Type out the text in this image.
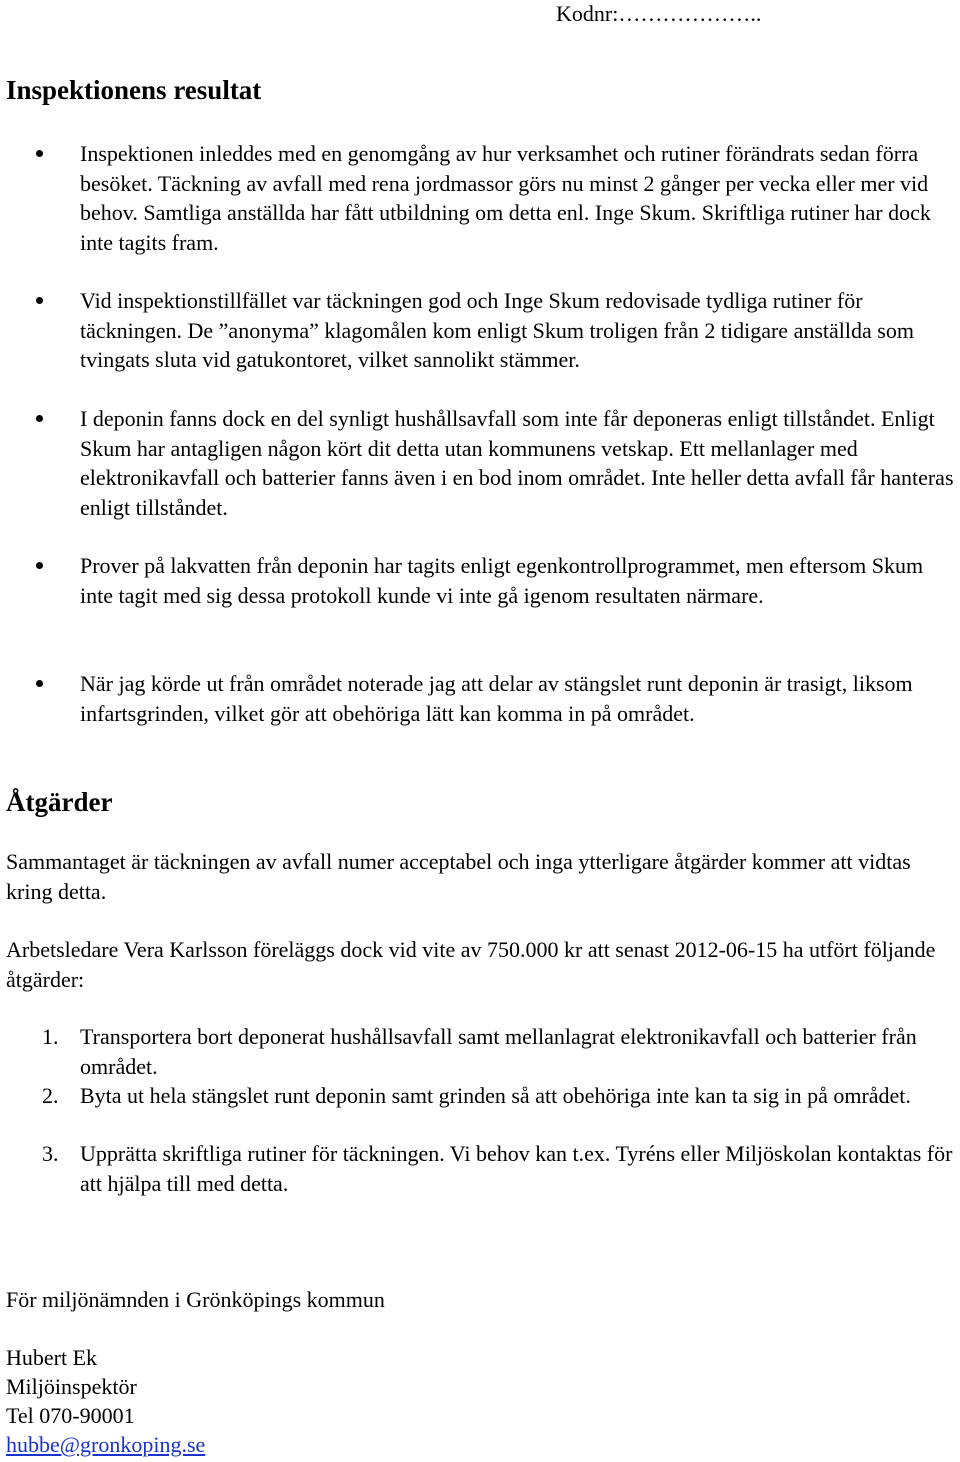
Kodnr:………………..
Inspektionens resultat
Inspektionen inleddes med en genomgång av hur verksamhet och rutiner förändrats sedan förra besöket. Täckning av avfall med rena jordmassor görs nu minst 2 gånger per vecka eller mer vid behov. Samtliga anställda har fått utbildning om detta enl. Inge Skum. Skriftliga rutiner har dock inte tagits fram.
Vid inspektionstillfället var täckningen god och Inge Skum redovisade tydliga rutiner för täckningen. De ”anonyma” klagomålen kom enligt Skum troligen från 2 tidigare anställda som tvingats sluta vid gatukontoret, vilket sannolikt stämmer.
I deponin fanns dock en del synligt hushållsavfall som inte får deponeras enligt tillståndet. Enligt Skum har antagligen någon kört dit detta utan kommunens vetskap. Ett mellanlager med elektronikavfall och batterier fanns även i en bod inom området. Inte heller detta avfall får hanteras enligt tillståndet.
Prover på lakvatten från deponin har tagits enligt egenkontrollprogrammet, men eftersom Skum inte tagit med sig dessa protokoll kunde vi inte gå igenom resultaten närmare.
När jag körde ut från området noterade jag att delar av stängslet runt deponin är trasigt, liksom infartsgrinden, vilket gör att obehöriga lätt kan komma in på området.
Åtgärder

Sammantaget är täckningen av avfall numer acceptabel och inga ytterligare åtgärder kommer att vidtas kring detta.

Arbetsledare Vera Karlsson föreläggs dock vid vite av 750.000 kr att senast 2012-06-15 ha utfört följande åtgärder:

1. Transportera bort deponerat hushållsavfall samt mellanlagrat elektronikavfall och batterier från området.
2. Byta ut hela stängslet runt deponin samt grinden så att obehöriga inte kan ta sig in på området.
3. Upprätta skriftliga rutiner för täckningen. Vi behov kan t.ex. Tyréns eller Miljöskolan kontaktas för att hjälpa till med detta.
För miljönämnden i Grönköpings kommun
Hubert Ek
Miljöinspektör
Tel 070-90001
hubbe@gronkoping.se
